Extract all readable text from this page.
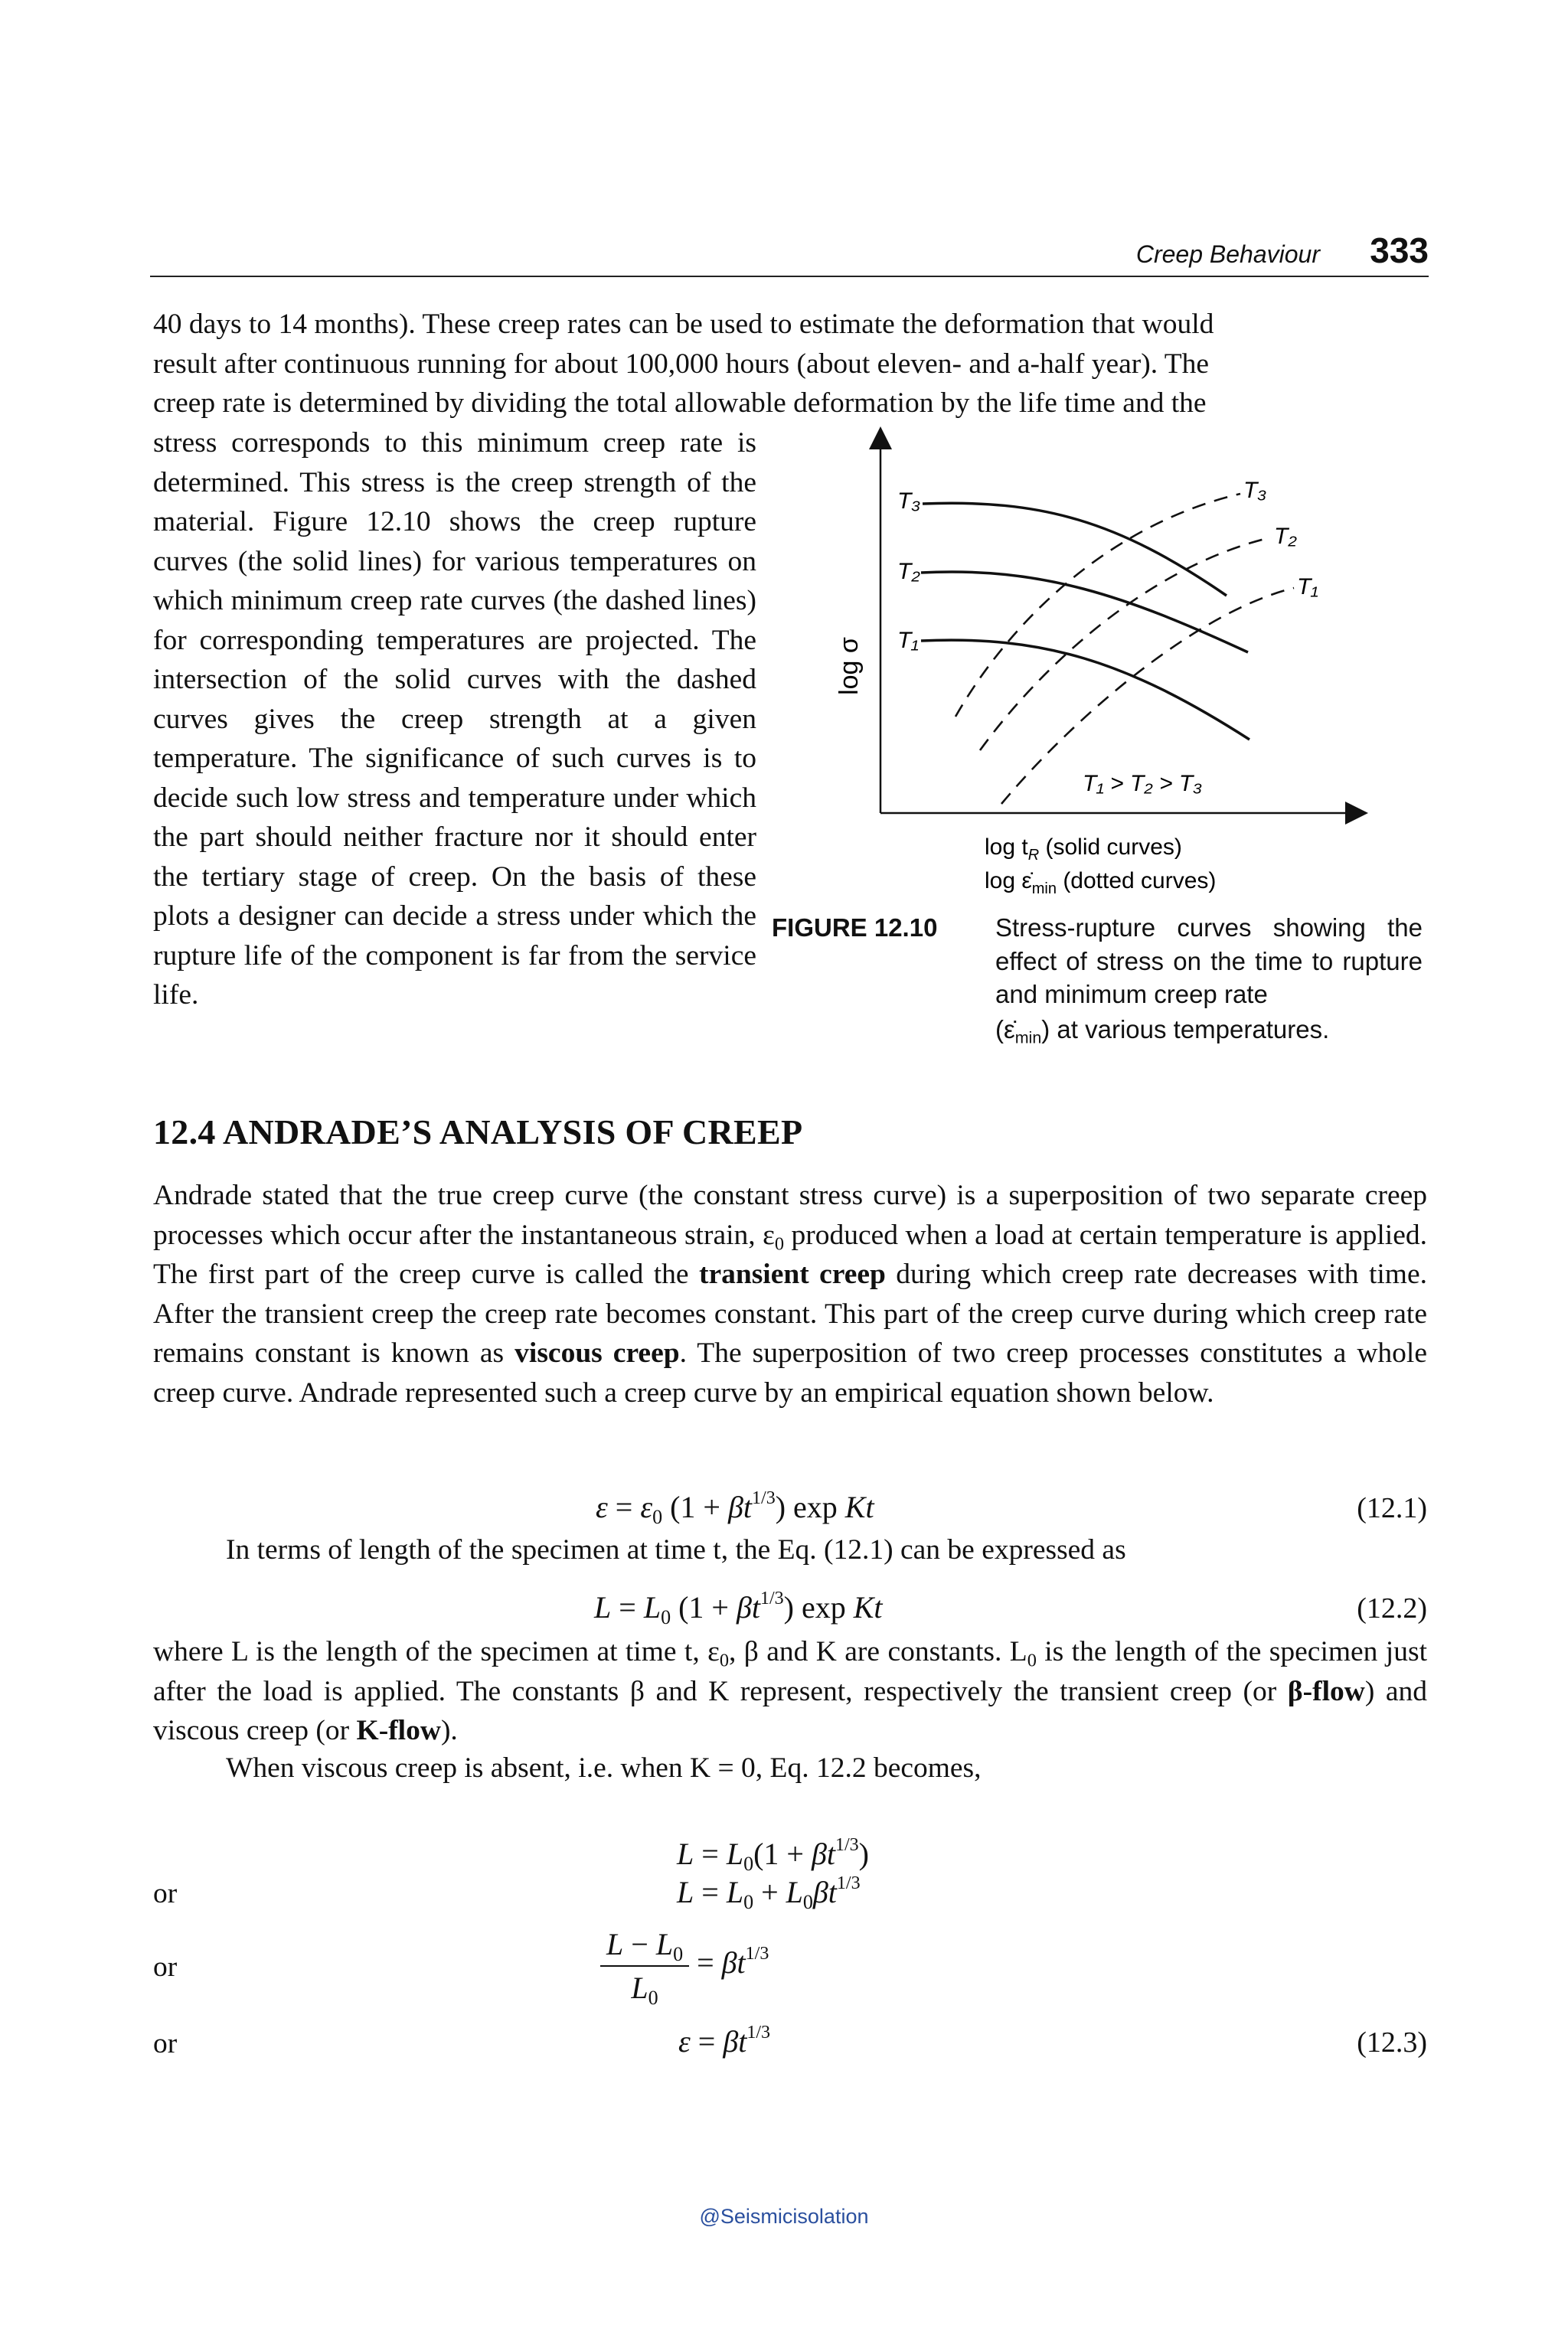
Creep Behaviour 333

40 days to 14 months). These creep rates can be used to estimate the deformation that would

result after continuous running for about 100,000 hours (about eleven- and a-half year). The

creep rate is determined by dividing the total allowable deformation by the life time and the

stress corresponds to this minimum creep rate is determined. This stress is the creep strength of the material. Figure 12.10 shows the creep rupture curves (the solid lines) for various temperatures on which minimum creep rate curves (the dashed lines) for corresponding temperatures are projected. The intersection of the solid curves with the dashed curves gives the creep strength at a given temperature. The significance of such curves is to decide such low stress and temperature under which the part should neither fracture nor it should enter the tertiary stage of creep. On the basis of these plots a designer can decide a stress under which the rupture life of the component is far from the service life.
log σ
T₃
T₂
T₁
T₃
T₂
T₁
T₁ > T₂ > T₃
$\log t_R$ (solid curves)
$\log \varepsiloṅ_{min}$ (dotted curves)
FIGURE 12.10 Stress-rupture curves showing the effect of stress on the time to rupture and minimum creep rate
$(\varepsiloṅ_{min})$ at various temperatures.
12.4 ANDRADE’S ANALYSIS OF CREEP
Andrade stated that the true creep curve (the constant stress curve) is a superposition of two separate creep processes which occur after the instantaneous strain, $\varepsilon_0$ produced when a load at certain temperature is applied. The first part of the creep curve is called the transient creep during which creep rate decreases with time. After the transient creep the creep rate becomes constant. This part of the creep curve during which creep rate remains constant is known as viscous creep. The superposition of two creep processes constitutes a whole creep curve. Andrade represented such a creep curve by an empirical equation shown below.
$\varepsilon = \varepsilon_0$ $(1 + \beta t^{1/3})$ exp Kt	(12.1)
In terms of length of the specimen at time t, the Eq. (12.1) can be expressed as
$L = L_0$ $(1 + \beta t^{1/3})$ exp Kt	(12.2)
where L is the length of the specimen at time t, $\varepsilon_0$, β and K are constants. $L_0$ is the length of the specimen just after the load is applied. The constants β and K represent, respectively the transient creep (or β-flow) and viscous creep (or K-flow).
When viscous creep is absent, i.e. when K = 0, Eq. 12.2 becomes,
$L = L_0(1 + \beta t^{1/3})$
or	$L = L_0 + L_0\beta t^{1/3}$
or	$\frac{L - L_0}{L_0} = \beta t^{1/3}$
or	$\varepsilon = \beta t^{1/3}$	(12.3)
@Seismicisolation
